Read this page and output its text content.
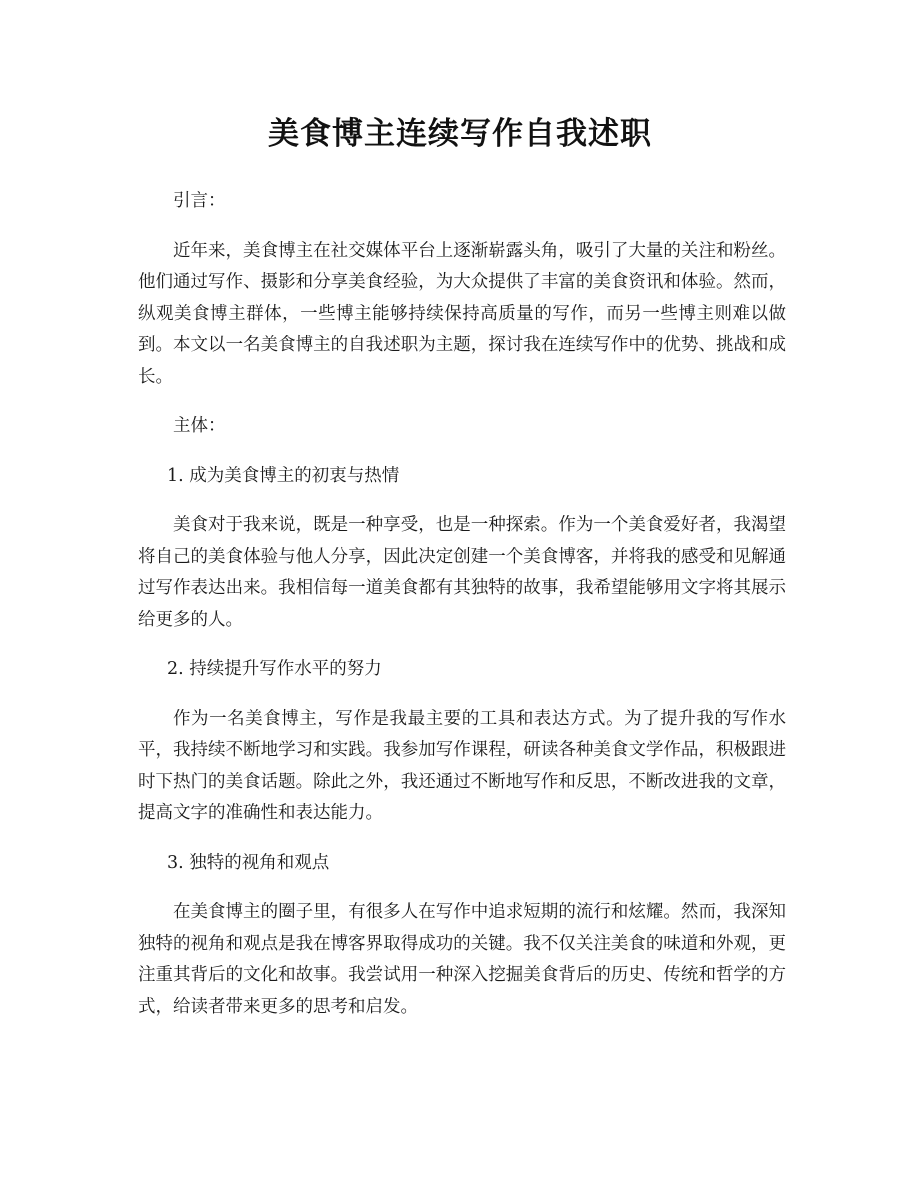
美食博主连续写作自我述职

引言：

近年来，美食博主在社交媒体平台上逐渐崭露头角，吸引了大量的关注和粉丝。他们通过写作、摄影和分享美食经验，为大众提供了丰富的美食资讯和体验。然而，纵观美食博主群体，一些博主能够持续保持高质量的写作，而另一些博主则难以做到。本文以一名美食博主的自我述职为主题，探讨我在连续写作中的优势、挑战和成长。

主体：

1. 成为美食博主的初衷与热情

美食对于我来说，既是一种享受，也是一种探索。作为一个美食爱好者，我渴望将自己的美食体验与他人分享，因此决定创建一个美食博客，并将我的感受和见解通过写作表达出来。我相信每一道美食都有其独特的故事，我希望能够用文字将其展示给更多的人。

2. 持续提升写作水平的努力

作为一名美食博主，写作是我最主要的工具和表达方式。为了提升我的写作水平，我持续不断地学习和实践。我参加写作课程，研读各种美食文学作品，积极跟进时下热门的美食话题。除此之外，我还通过不断地写作和反思，不断改进我的文章，提高文字的准确性和表达能力。

3. 独特的视角和观点

在美食博主的圈子里，有很多人在写作中追求短期的流行和炫耀。然而，我深知独特的视角和观点是我在博客界取得成功的关键。我不仅关注美食的味道和外观，更注重其背后的文化和故事。我尝试用一种深入挖掘美食背后的历史、传统和哲学的方式，给读者带来更多的思考和启发。
